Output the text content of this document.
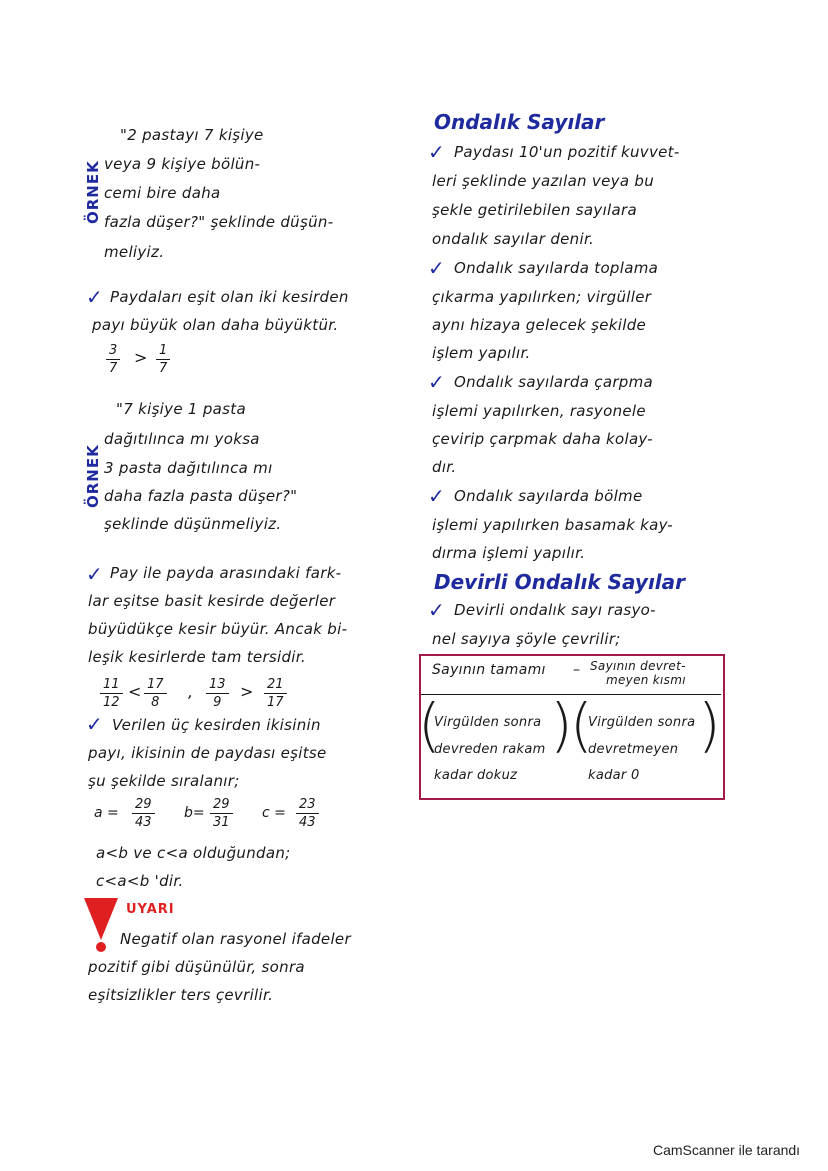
ÖRNEK
"2 pastayı 7 kişiye
veya 9 kişiye bölün-
cemi bire daha
fazla düşer?" şeklinde düşün-
meliyiz.
✓ Paydaları eşit olan iki kesirden
payı büyük olan daha büyüktür.
$\frac{3}{7} > \frac{1}{7}$
ÖRNEK
"7 kişiye 1 pasta
dağıtılınca mı yoksa
3 pasta dağıtılınca mı
daha fazla pasta düşer?"
şeklinde düşünmeliyiz.
✓ Pay ile payda arasındaki fark-
lar eşitse basit kesirde değerler
büyüdükçe kesir büyür. Ancak bi-
leşik kesirlerde tam tersidir.
$\frac{11}{12} < \frac{17}{8}$ , $\frac{13}{9} > \frac{21}{17}$
✓ Verilen üç kesirden ikisinin
payı, ikisinin de paydası eşitse
şu şekilde sıralanır;
$a = \frac{29}{43} b= \frac{29}{31}$ $c = \frac{23}{43}$
a<b ve c<a olduğundan;
c<a<b 'dir.
UYARI
Negatif olan rasyonel ifadeler
pozitif gibi düşünülür, sonra
eşitsizlikler ters çevrilir.
Ondalık Sayılar
✓ Paydası 10'un pozitif kuvvet-
leri şeklinde yazılan veya bu
şekle getirilebilen sayılara
ondalık sayılar denir.
✓ Ondalık sayılarda toplama
çıkarma yapılırken; virgüller
aynı hizaya gelecek şekilde
işlem yapılır.
✓ Ondalık sayılarda çarpma
işlemi yapılırken, rasyonele
çevirip çarpmak daha kolay-
dır.
✓ Ondalık sayılarda bölme
işlemi yapılırken basamak kay-
dırma işlemi yapılır.
Devirli Ondalık Sayılar
✓ Devirli ondalık sayı rasyo-
nel sayıya şöyle çevrilir;
Sayının tamamı – Sayının devret-
meyen kısmı
( )
Virgülden sonra
devreden rakam
kadar dokuz
( )
Virgülden sonra
devretmeyen
kadar 0
CamScanner ile tarandı
